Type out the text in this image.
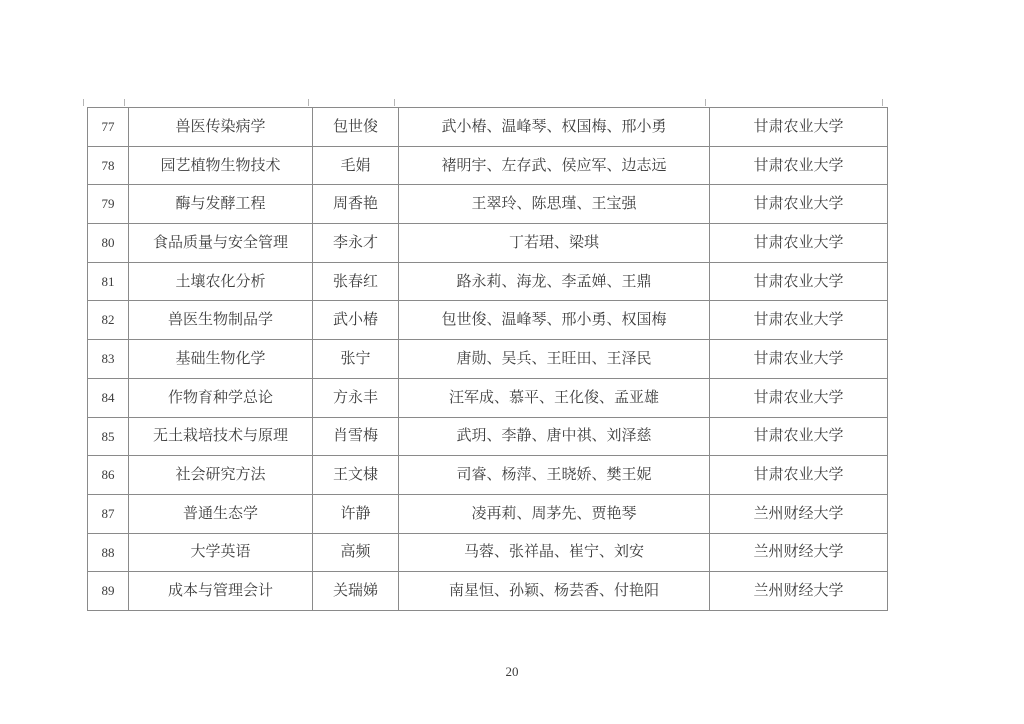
77	兽医传染病学	包世俊	武小椿、温峰琴、权国梅、邢小勇	甘肃农业大学
78	园艺植物生物技术	毛娟	褚明宇、左存武、侯应军、边志远	甘肃农业大学
79	酶与发酵工程	周香艳	王翠玲、陈思瑾、王宝强	甘肃农业大学
80	食品质量与安全管理	李永才	丁若珺、梁琪	甘肃农业大学
81	土壤农化分析	张春红	路永莉、海龙、李孟婵、王鼎	甘肃农业大学
82	兽医生物制品学	武小椿	包世俊、温峰琴、邢小勇、权国梅	甘肃农业大学
83	基础生物化学	张宁	唐勋、吴兵、王旺田、王泽民	甘肃农业大学
84	作物育种学总论	方永丰	汪军成、慕平、王化俊、孟亚雄	甘肃农业大学
85	无土栽培技术与原理	肖雪梅	武玥、李静、唐中祺、刘泽慈	甘肃农业大学
86	社会研究方法	王文棣	司睿、杨萍、王晓娇、樊王妮	甘肃农业大学
87	普通生态学	许静	凌再莉、周茅先、贾艳琴	兰州财经大学
88	大学英语	高频	马蓉、张祥晶、崔宁、刘安	兰州财经大学
89	成本与管理会计	关瑞娣	南星恒、孙颖、杨芸香、付艳阳	兰州财经大学
20
